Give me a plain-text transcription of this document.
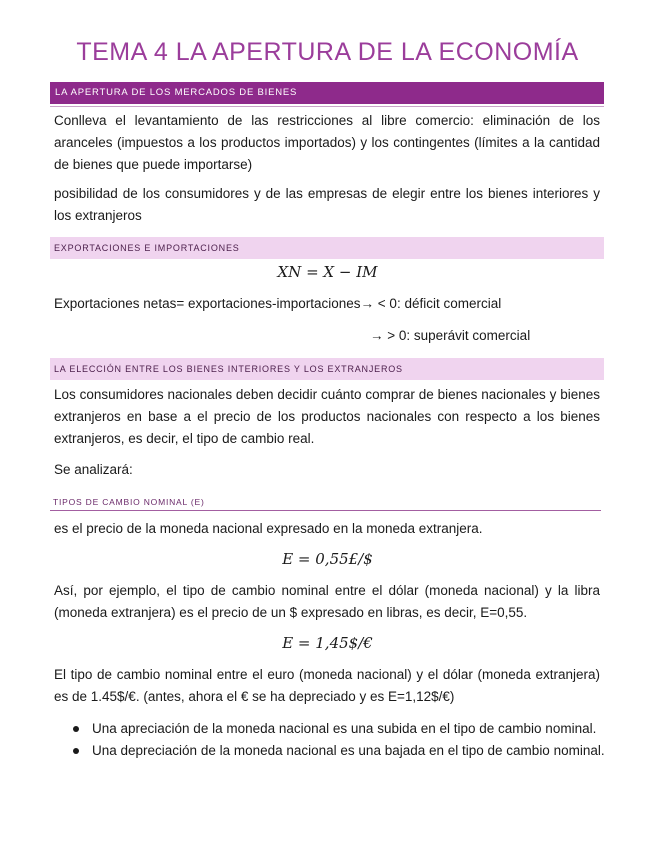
TEMA 4 LA APERTURA DE LA ECONOMÍA
LA APERTURA DE LOS MERCADOS DE BIENES

Conlleva el levantamiento de las restricciones al libre comercio: eliminación de los aranceles (impuestos a los productos importados) y los contingentes (límites a la cantidad de bienes que puede importarse)

posibilidad de los consumidores y de las empresas de elegir entre los bienes interiores y los extranjeros

EXPORTACIONES E IMPORTACIONES
XN = X − IM
Exportaciones netas= exportaciones-importaciones→ < 0: déficit comercial
→ > 0: superávit comercial
LA ELECCIÓN ENTRE LOS BIENES INTERIORES Y LOS EXTRANJEROS

Los consumidores nacionales deben decidir cuánto comprar de bienes nacionales y bienes extranjeros en base a el precio de los productos nacionales con respecto a los bienes extranjeros, es decir, el tipo de cambio real.

Se analizará:
TIPOS DE CAMBIO NOMINAL (E)
es el precio de la moneda nacional expresado en la moneda extranjera.
E = 0,55£/$

Así, por ejemplo, el tipo de cambio nominal entre el dólar (moneda nacional) y la libra (moneda extranjera) es el precio de un $ expresado en libras, es decir, E=0,55.

E = 1,45$/€

El tipo de cambio nominal entre el euro (moneda nacional) y el dólar (moneda extranjera) es de 1.45$/€. (antes, ahora el € se ha depreciado y es E=1,12$/€)

Una apreciación de la moneda nacional es una subida en el tipo de cambio nominal.
Una depreciación de la moneda nacional es una bajada en el tipo de cambio nominal.
